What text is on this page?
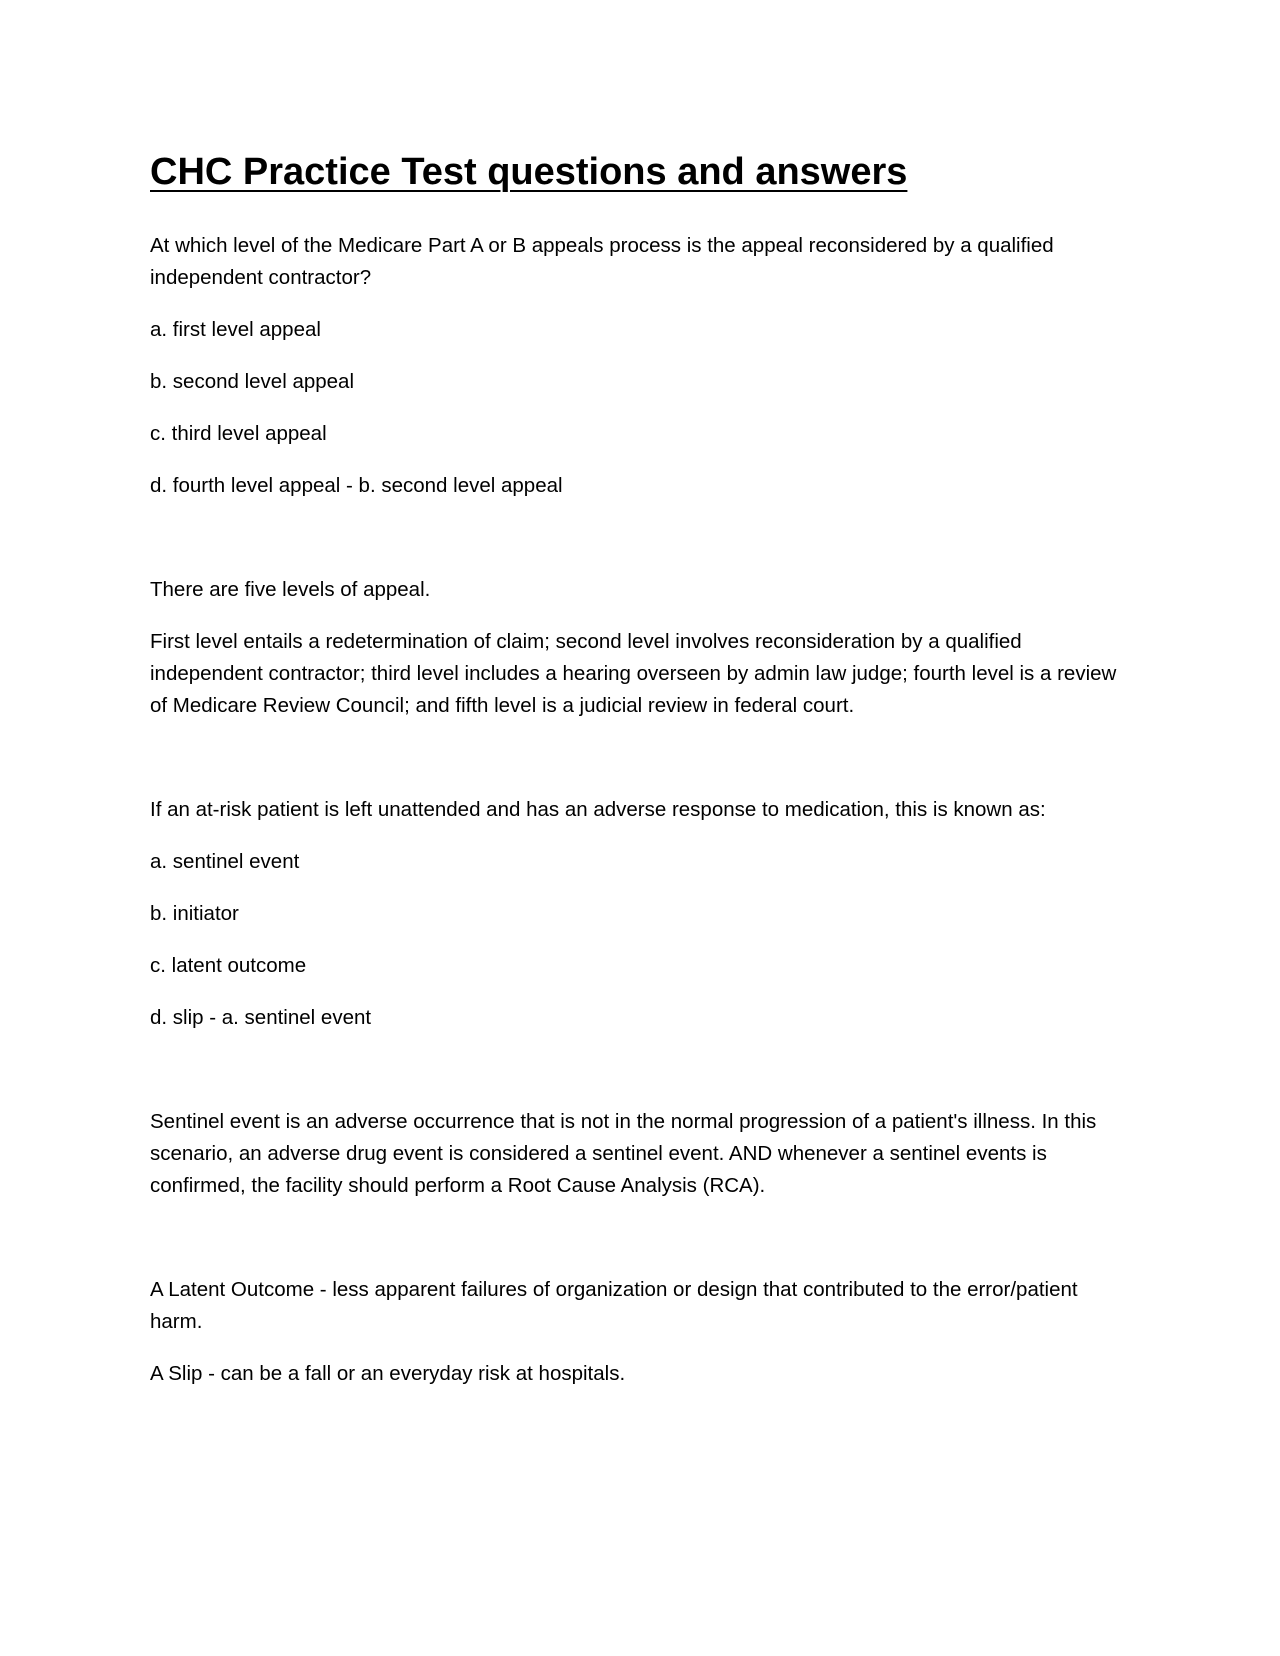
CHC Practice Test questions and answers

At which level of the Medicare Part A or B appeals process is the appeal reconsidered by a qualified independent contractor?

a. first level appeal

b. second level appeal

c. third level appeal

d. fourth level appeal - b. second level appeal

There are five levels of appeal.

First level entails a redetermination of claim; second level involves reconsideration by a qualified independent contractor; third level includes a hearing overseen by admin law judge; fourth level is a review of Medicare Review Council; and fifth level is a judicial review in federal court.

If an at-risk patient is left unattended and has an adverse response to medication, this is known as:

a. sentinel event

b. initiator

c. latent outcome

d. slip - a. sentinel event

Sentinel event is an adverse occurrence that is not in the normal progression of a patient's illness. In this scenario, an adverse drug event is considered a sentinel event. AND whenever a sentinel events is confirmed, the facility should perform a Root Cause Analysis (RCA).

A Latent Outcome - less apparent failures of organization or design that contributed to the error/patient harm.

A Slip - can be a fall or an everyday risk at hospitals.
